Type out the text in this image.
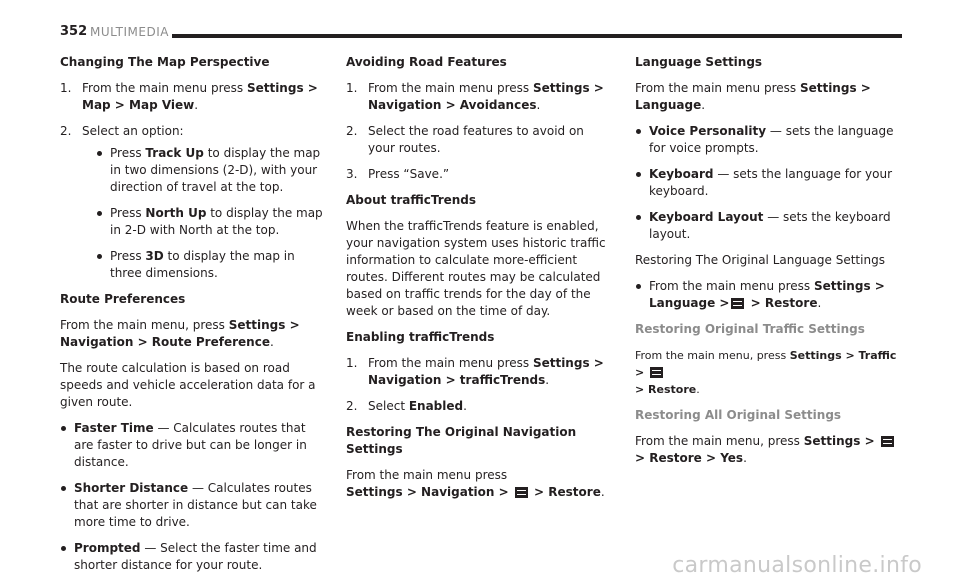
352 MULTIMEDIA
Changing The Map Perspective
1. From the main menu press Settings > Map > Map View.
2. Select an option:
Press Track Up to display the map in two dimensions (2-D), with your direction of travel at the top.
Press North Up to display the map in 2-D with North at the top.
Press 3D to display the map in three dimensions.
Route Preferences

From the main menu, press Settings > Navigation > Route Preference.

The route calculation is based on road speeds and vehicle acceleration data for a given route.

Faster Time — Calculates routes that are faster to drive but can be longer in distance.
Shorter Distance — Calculates routes that are shorter in distance but can take more time to drive.
Prompted — Select the faster time and shorter distance for your route.
Avoiding Road Features
1. From the main menu press Settings > Navigation > Avoidances.
2. Select the road features to avoid on your routes.
3. Press “Save.”
About trafficTrends

When the trafficTrends feature is enabled, your navigation system uses historic traffic information to calculate more-efficient routes. Different routes may be calculated based on traffic trends for the day of the week or based on the time of day.

Enabling trafficTrends
1. From the main menu press Settings > Navigation > trafficTrends.
2. Select Enabled.
Restoring The Original Navigation Settings

From the main menu press
Settings > Navigation >  > Restore.

Language Settings

From the main menu press Settings > Language.

Voice Personality — sets the language for voice prompts.
Keyboard — sets the language for your keyboard.
Keyboard Layout — sets the keyboard layout.

Restoring The Original Language Settings

From the main menu press Settings > Language > > Restore.
Restoring Original Traffic Settings

From the main menu, press Settings > Traffic >
> Restore.

Restoring All Original Settings

From the main menu, press Settings >  > Restore > Yes.

carmanualsonline.info
